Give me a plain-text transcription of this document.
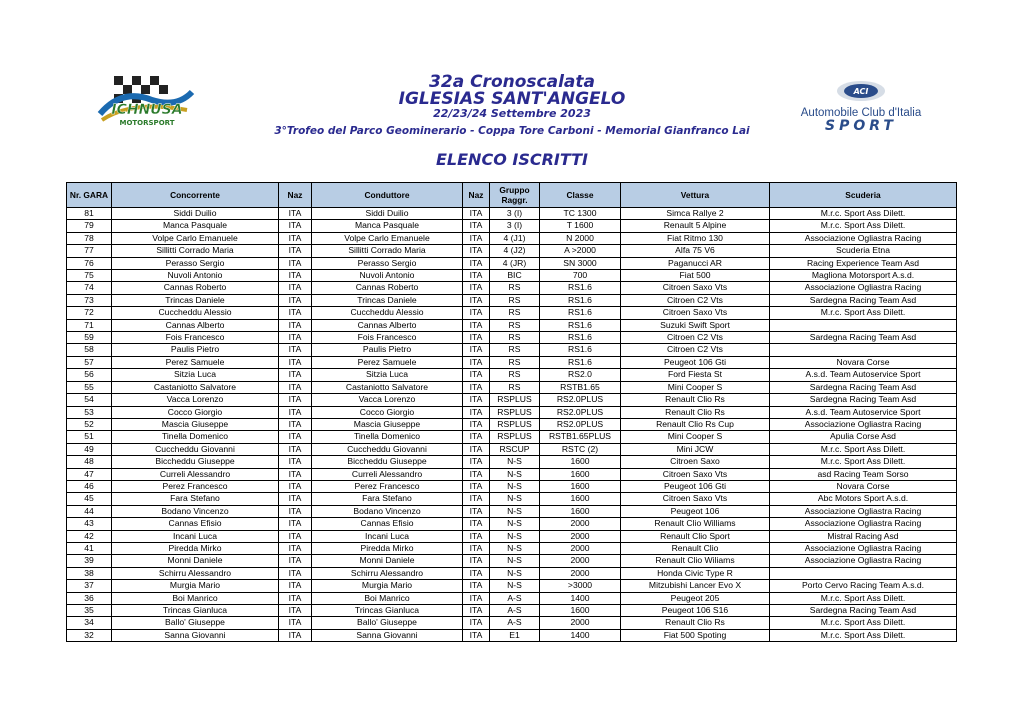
ICHNUSA
MOTORSPORT
ACI
Automobile Club d'Italia
SPORT
32a Cronoscalata
IGLESIAS SANT'ANGELO
22/23/24 Settembre 2023
3°Trofeo del Parco Geominerario - Coppa Tore Carboni - Memorial Gianfranco Lai
ELENCO ISCRITTI
Nr. GARA	Concorrente	Naz	Conduttore	Naz	Gruppo Raggr.	Classe	Vettura	Scuderia
81	Siddi Duilio	ITA	Siddi Duilio	ITA	3 (I)	TC 1300	Simca Rallye 2	M.r.c. Sport Ass Dilett.
79	Manca Pasquale	ITA	Manca Pasquale	ITA	3 (I)	T 1600	Renault 5 Alpine	M.r.c. Sport Ass Dilett.
78	Volpe Carlo Emanuele	ITA	Volpe Carlo Emanuele	ITA	4 (J1)	N 2000	Fiat Ritmo 130	Associazione Ogliastra Racing
77	Sillitti Corrado Maria	ITA	Sillitti Corrado Maria	ITA	4 (J2)	A >2000	Alfa 75 V6	Scuderia Etna
76	Perasso Sergio	ITA	Perasso Sergio	ITA	4 (JR)	SN 3000	Paganucci AR	Racing Experience Team Asd
75	Nuvoli Antonio	ITA	Nuvoli Antonio	ITA	BIC	700	Fiat 500	Magliona Motorsport A.s.d.
74	Cannas Roberto	ITA	Cannas Roberto	ITA	RS	RS1.6	Citroen Saxo Vts	Associazione Ogliastra Racing
73	Trincas Daniele	ITA	Trincas Daniele	ITA	RS	RS1.6	Citroen C2 Vts	Sardegna Racing Team Asd
72	Cuccheddu Alessio	ITA	Cuccheddu Alessio	ITA	RS	RS1.6	Citroen Saxo Vts	M.r.c. Sport Ass Dilett.
71	Cannas Alberto	ITA	Cannas Alberto	ITA	RS	RS1.6	Suzuki Swift Sport	
59	Fois Francesco	ITA	Fois Francesco	ITA	RS	RS1.6	Citroen C2 Vts	Sardegna Racing Team Asd
58	Paulis Pietro	ITA	Paulis Pietro	ITA	RS	RS1.6	Citroen C2 Vts	
57	Perez Samuele	ITA	Perez Samuele	ITA	RS	RS1.6	Peugeot 106 Gti	Novara Corse
56	Sitzia Luca	ITA	Sitzia Luca	ITA	RS	RS2.0	Ford Fiesta St	A.s.d. Team Autoservice Sport
55	Castaniotto Salvatore	ITA	Castaniotto Salvatore	ITA	RS	RSTB1.65	Mini Cooper S	Sardegna Racing Team Asd
54	Vacca Lorenzo	ITA	Vacca Lorenzo	ITA	RSPLUS	RS2.0PLUS	Renault Clio Rs	Sardegna Racing Team Asd
53	Cocco Giorgio	ITA	Cocco Giorgio	ITA	RSPLUS	RS2.0PLUS	Renault Clio Rs	A.s.d. Team Autoservice Sport
52	Mascia Giuseppe	ITA	Mascia Giuseppe	ITA	RSPLUS	RS2.0PLUS	Renault Clio Rs Cup	Associazione Ogliastra Racing
51	Tinella Domenico	ITA	Tinella Domenico	ITA	RSPLUS	RSTB1.65PLUS	Mini Cooper S	Apulia Corse Asd
49	Cuccheddu Giovanni	ITA	Cuccheddu Giovanni	ITA	RSCUP	RSTC (2)	Mini JCW	M.r.c. Sport Ass Dilett.
48	Biccheddu Giuseppe	ITA	Biccheddu Giuseppe	ITA	N-S	1600	Citroen Saxo	M.r.c. Sport Ass Dilett.
47	Curreli Alessandro	ITA	Curreli Alessandro	ITA	N-S	1600	Citroen Saxo Vts	asd Racing Team Sorso
46	Perez Francesco	ITA	Perez Francesco	ITA	N-S	1600	Peugeot 106 Gti	Novara Corse
45	Fara Stefano	ITA	Fara Stefano	ITA	N-S	1600	Citroen Saxo Vts	Abc Motors Sport A.s.d.
44	Bodano Vincenzo	ITA	Bodano Vincenzo	ITA	N-S	1600	Peugeot 106	Associazione Ogliastra Racing
43	Cannas Efisio	ITA	Cannas Efisio	ITA	N-S	2000	Renault Clio Williams	Associazione Ogliastra Racing
42	Incani Luca	ITA	Incani Luca	ITA	N-S	2000	Renault Clio Sport	Mistral Racing Asd
41	Piredda Mirko	ITA	Piredda Mirko	ITA	N-S	2000	Renault Clio	Associazione Ogliastra Racing
39	Monni Daniele	ITA	Monni Daniele	ITA	N-S	2000	Renault Clio Wiliams	Associazione Ogliastra Racing
38	Schirru Alessandro	ITA	Schirru Alessandro	ITA	N-S	2000	Honda Civic Type R	
37	Murgia Mario	ITA	Murgia Mario	ITA	N-S	>3000	Mitzubishi Lancer Evo X	Porto Cervo Racing Team A.s.d.
36	Boi Manrico	ITA	Boi Manrico	ITA	A-S	1400	Peugeot 205	M.r.c. Sport Ass Dilett.
35	Trincas Gianluca	ITA	Trincas Gianluca	ITA	A-S	1600	Peugeot 106 S16	Sardegna Racing Team Asd
34	Ballo' Giuseppe	ITA	Ballo' Giuseppe	ITA	A-S	2000	Renault Clio Rs	M.r.c. Sport Ass Dilett.
32	Sanna Giovanni	ITA	Sanna Giovanni	ITA	E1	1400	Fiat 500 Spoting	M.r.c. Sport Ass Dilett.
